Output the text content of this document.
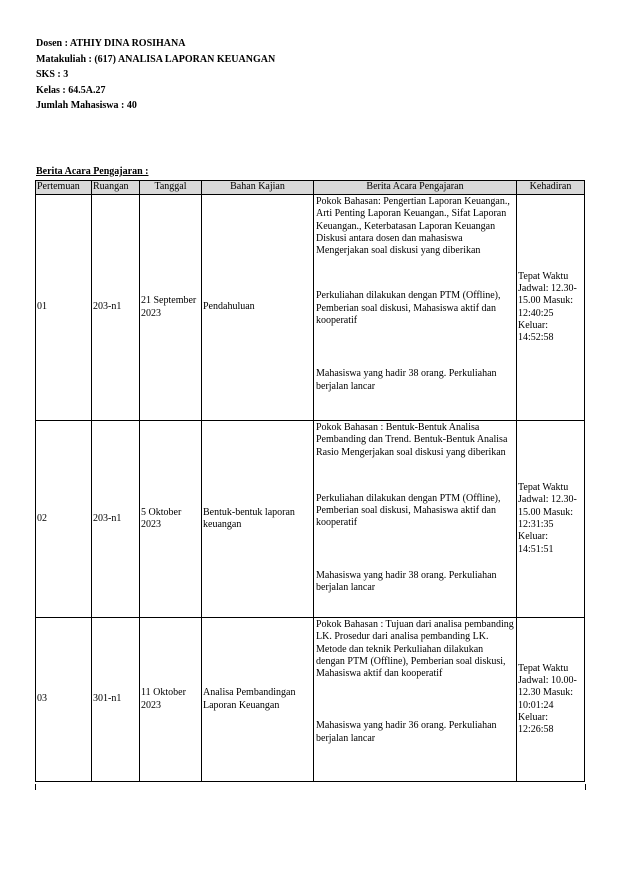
Dosen : ATHIY DINA ROSIHANA
Matakuliah : (617) ANALISA LAPORAN KEUANGAN
SKS : 3
Kelas : 64.5A.27
Jumlah Mahasiswa : 40
Berita Acara Pengajaran :
Pertemuan	Ruangan	Tanggal	Bahan Kajian	Berita Acara Pengajaran	Kehadiran
01	203-n1	21 September 2023	Pendahuluan	Pokok Bahasan: Pengertian Laporan Keuangan., Arti Penting Laporan Keuangan., Sifat Laporan Keuangan., Keterbatasan Laporan Keuangan Diskusi antara dosen dan mahasiswa Mengerjakan soal diskusi yang diberikan
Perkuliahan dilakukan dengan PTM (Offline), Pemberian soal diskusi, Mahasiswa aktif dan kooperatif
Mahasiswa yang hadir 38 orang. Perkuliahan berjalan lancar	Tepat Waktu Jadwal: 12.30-15.00 Masuk: 12:40:25 Keluar: 14:52:58
02	203-n1	5 Oktober 2023	Bentuk-bentuk laporan keuangan	Pokok Bahasan : Bentuk-Bentuk Analisa Pembanding dan Trend. Bentuk-Bentuk Analisa Rasio Mengerjakan soal diskusi yang diberikan
Perkuliahan dilakukan dengan PTM (Offline), Pemberian soal diskusi, Mahasiswa aktif dan kooperatif
Mahasiswa yang hadir 38 orang. Perkuliahan berjalan lancar	Tepat Waktu Jadwal: 12.30-15.00 Masuk: 12:31:35 Keluar: 14:51:51
03	301-n1	11 Oktober 2023	Analisa Pembandingan Laporan Keuangan	Pokok Bahasan : Tujuan dari analisa pembanding LK. Prosedur dari analisa pembanding LK. Metode dan teknik Perkuliahan dilakukan dengan PTM (Offline), Pemberian soal diskusi, Mahasiswa aktif dan kooperatif
Mahasiswa yang hadir 36 orang. Perkuliahan berjalan lancar	Tepat Waktu Jadwal: 10.00-12.30 Masuk: 10:01:24 Keluar: 12:26:58
